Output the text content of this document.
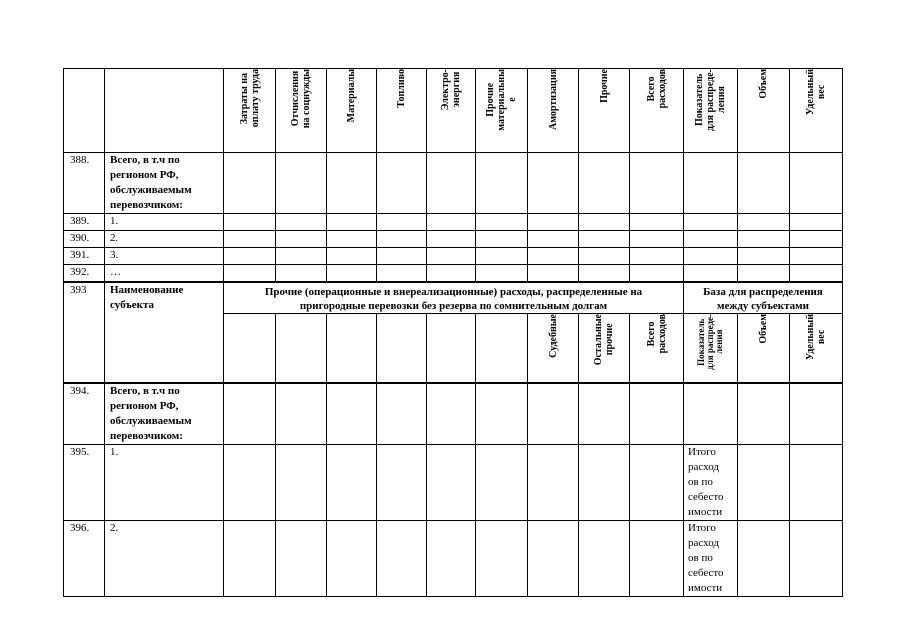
		Затраты на
оплату труда	Отчисления
на соцнужды	Материалы	Топливо	Электро-
энергия	Прочие
материальны
е	Амортизация	Прочие	Всего
расходов	Показатель
для распреде-
ления	Объем	Удельный
вес
388.	Всего, в т.ч по
регионом РФ,
обслуживаемым
перевозчиком:												
389.	1.												
390.	2.												
391.	3.												
392.	…												
393	Наименование
субъекта	Прочие (операционные и внереализационные) расходы, распределенные на
пригородные перевозки без резерва по сомнительным долгам									База для распределения
между субъектами		
								Судебные	Остальные
прочие	Всего
расходов	Показатель
для распреде-
ления	Объем	Удельный
вес
394.	Всего, в т.ч по
регионом РФ,
обслуживаемым
перевозчиком:												
395.	1.										Итого
расход
ов по
себесто
имости		
396.	2.										Итого
расход
ов по
себесто
имости		
